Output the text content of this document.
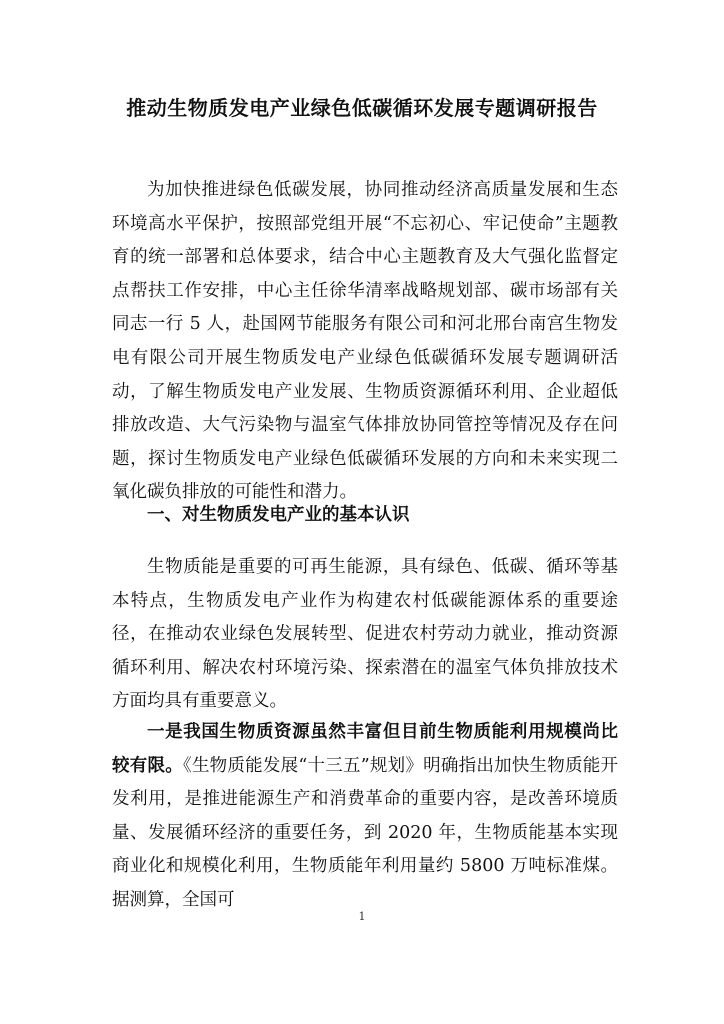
推动生物质发电产业绿色低碳循环发展专题调研报告

为加快推进绿色低碳发展，协同推动经济高质量发展和生态环境高水平保护，按照部党组开展“不忘初心、牢记使命”主题教育的统一部署和总体要求，结合中心主题教育及大气强化监督定点帮扶工作安排，中心主任徐华清率战略规划部、碳市场部有关同志一行 5 人，赴国网节能服务有限公司和河北邢台南宫生物发电有限公司开展生物质发电产业绿色低碳循环发展专题调研活动，了解生物质发电产业发展、生物质资源循环利用、企业超低排放改造、大气污染物与温室气体排放协同管控等情况及存在问题，探讨生物质发电产业绿色低碳循环发展的方向和未来实现二氧化碳负排放的可能性和潜力。

一、对生物质发电产业的基本认识

生物质能是重要的可再生能源，具有绿色、低碳、循环等基本特点，生物质发电产业作为构建农村低碳能源体系的重要途径，在推动农业绿色发展转型、促进农村劳动力就业，推动资源循环利用、解决农村环境污染、探索潜在的温室气体负排放技术方面均具有重要意义。

一是我国生物质资源虽然丰富但目前生物质能利用规模尚比较有限。《生物质能发展“十三五”规划》明确指出加快生物质能开发利用，是推进能源生产和消费革命的重要内容，是改善环境质量、发展循环经济的重要任务，到 2020 年，生物质能基本实现商业化和规模化利用，生物质能年利用量约 5800 万吨标准煤。据测算，全国可

1
